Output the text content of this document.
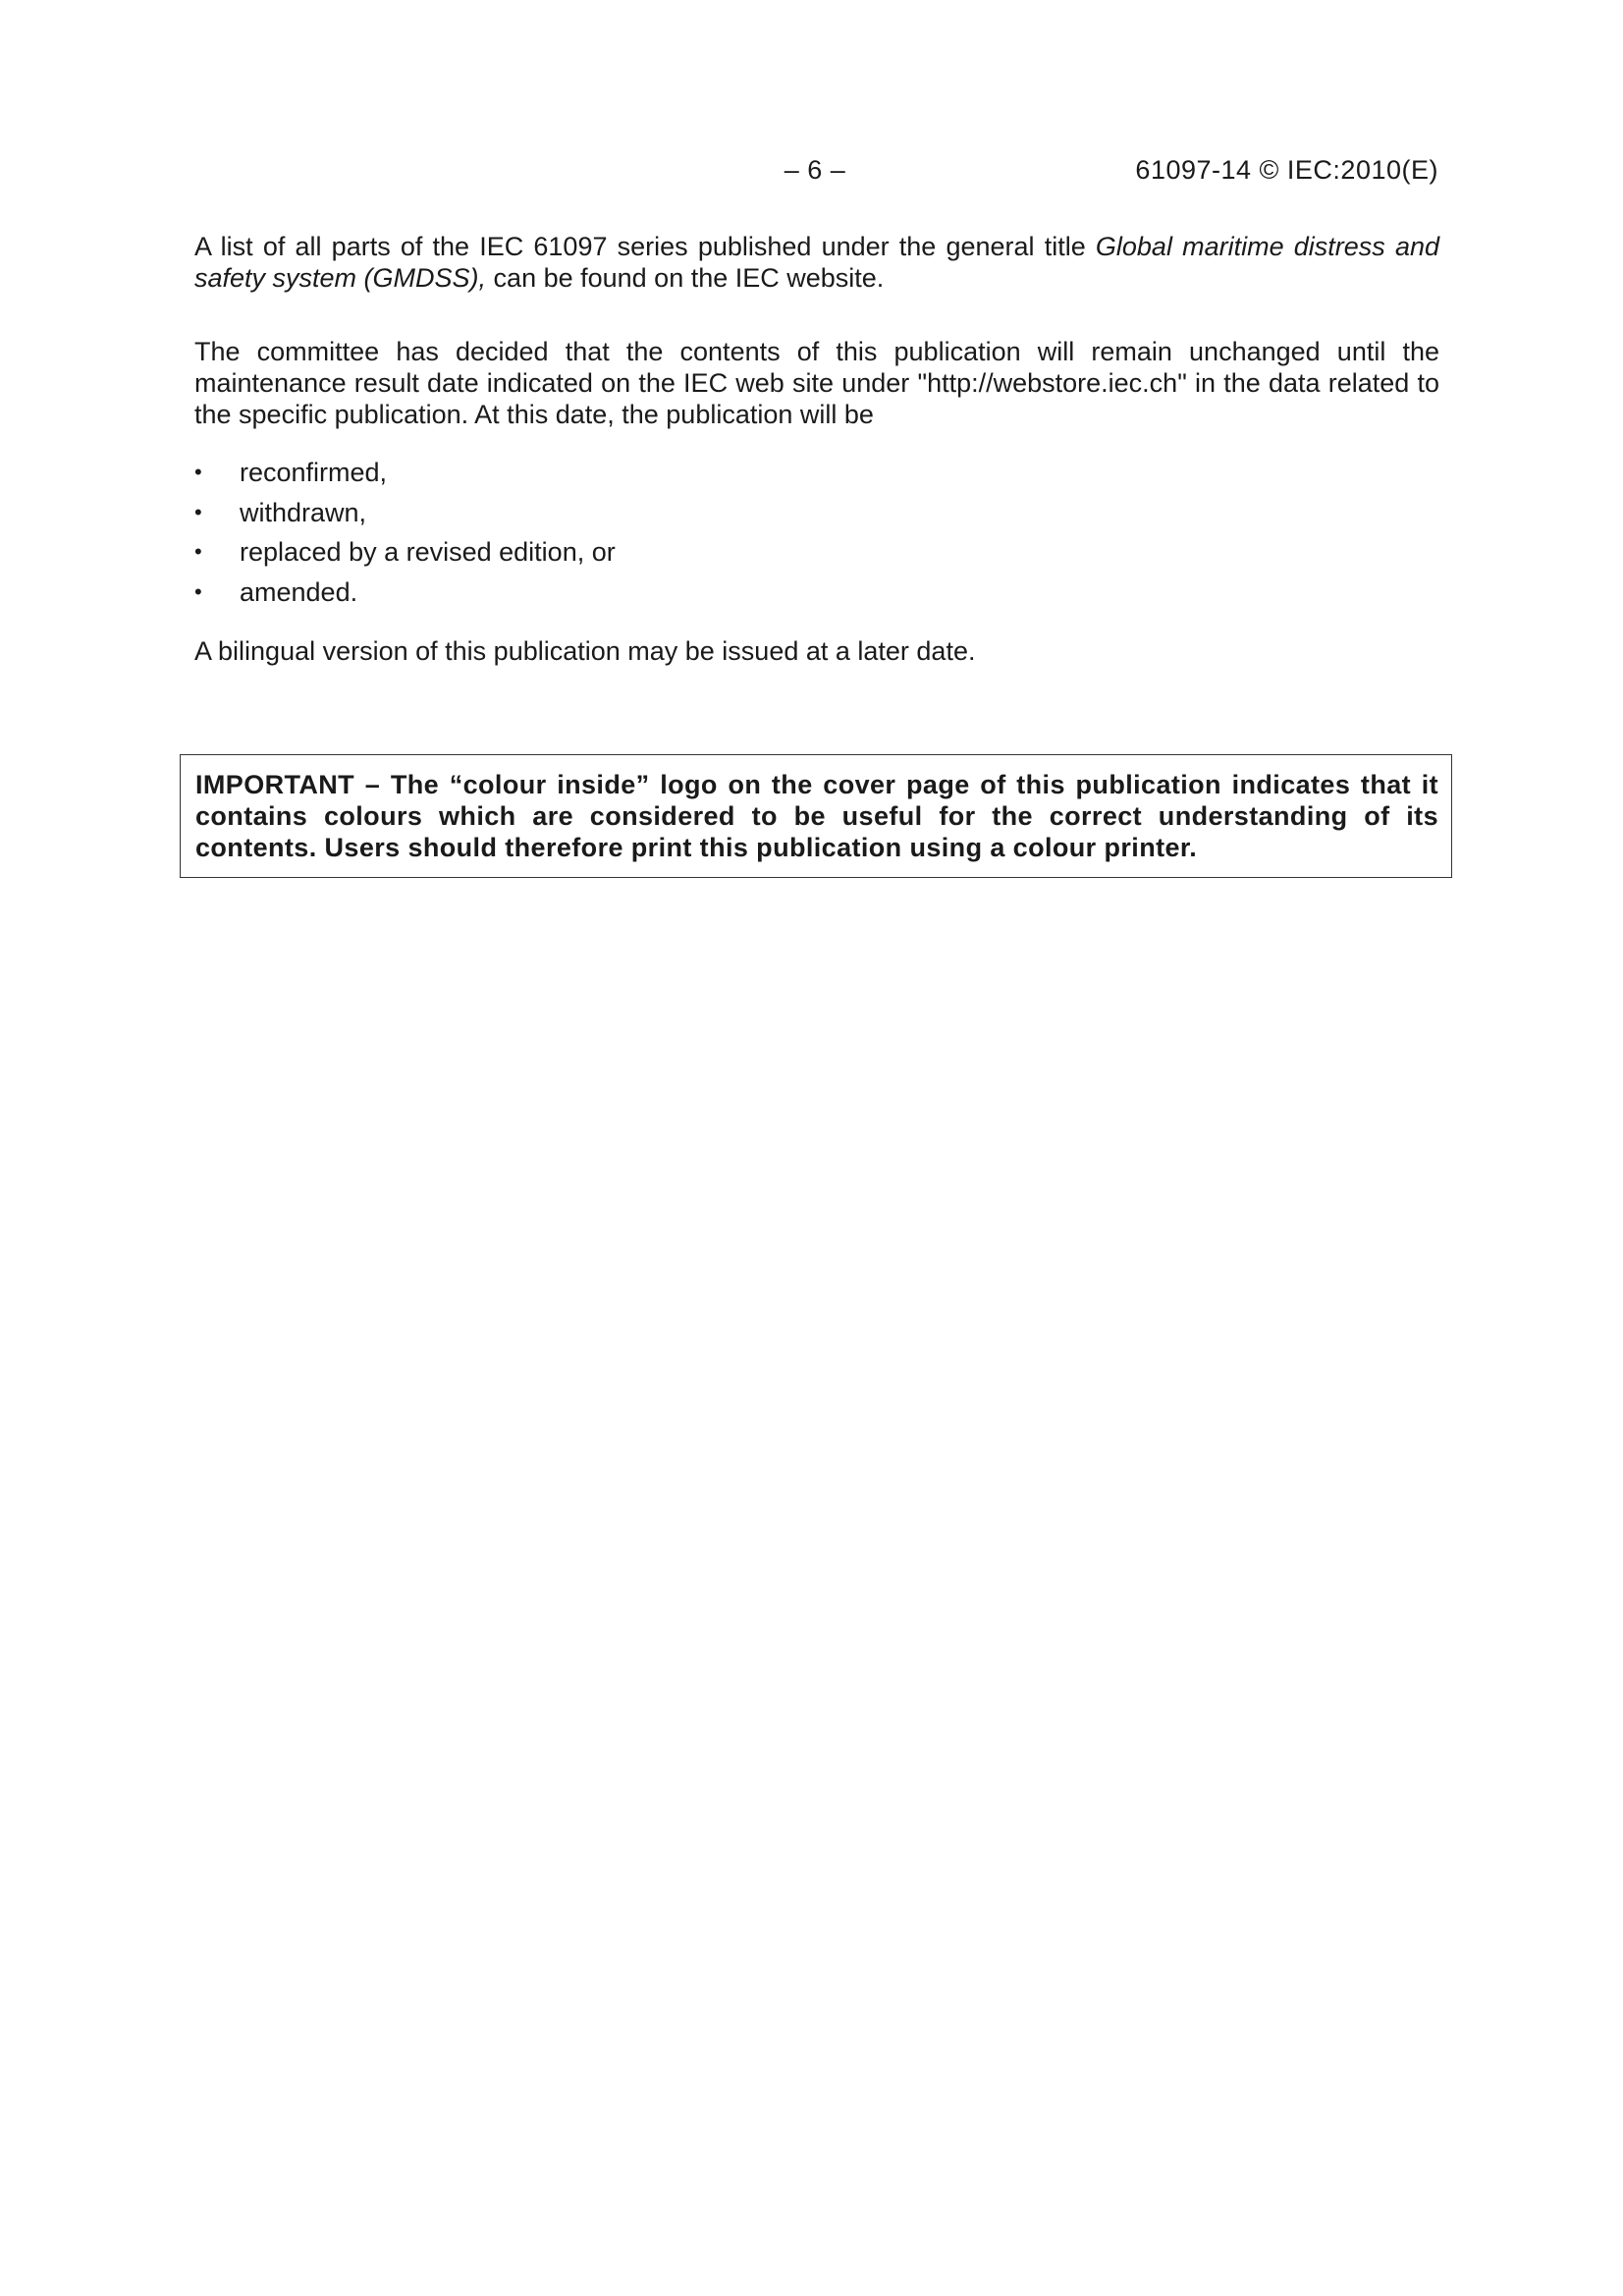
– 6 –	61097-14 © IEC:2010(E)

A list of all parts of the IEC 61097 series published under the general title Global maritime distress and safety system (GMDSS), can be found on the IEC website.

The committee has decided that the contents of this publication will remain unchanged until the maintenance result date indicated on the IEC web site under "http://webstore.iec.ch" in the data related to the specific publication. At this date, the publication will be

• reconfirmed,
• withdrawn,
• replaced by a revised edition, or
• amended.

A bilingual version of this publication may be issued at a later date.

IMPORTANT – The “colour inside” logo on the cover page of this publication indicates that it contains colours which are considered to be useful for the correct understanding of its contents. Users should therefore print this publication using a colour printer.
